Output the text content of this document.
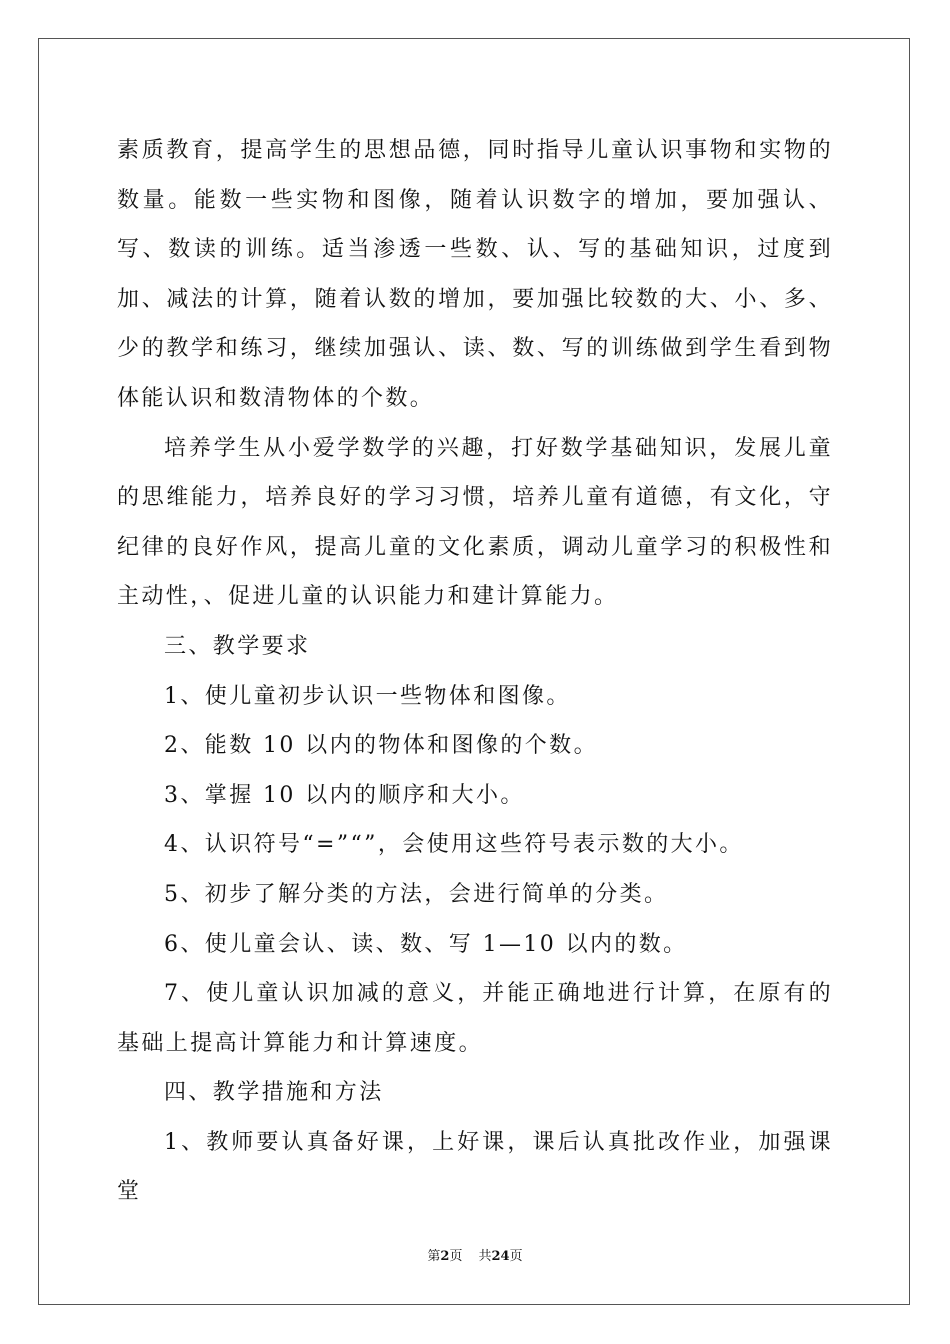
素质教育，提高学生的思想品德，同时指导儿童认识事物和实物的数量。能数一些实物和图像，随着认识数字的增加，要加强认、写、数读的训练。适当渗透一些数、认、写的基础知识，过度到加、减法的计算，随着认数的增加，要加强比较数的大、小、多、少的教学和练习，继续加强认、读、数、写的训练做到学生看到物体能认识和数清物体的个数。

培养学生从小爱学数学的兴趣，打好数学基础知识，发展儿童的思维能力，培养良好的学习习惯，培养儿童有道德，有文化，守纪律的良好作风，提高儿童的文化素质，调动儿童学习的积极性和主动性，、促进儿童的认识能力和建计算能力。

三、教学要求

1、使儿童初步认识一些物体和图像。

2、能数 10 以内的物体和图像的个数。

3、掌握 10 以内的顺序和大小。

4、认识符号“=”“”，会使用这些符号表示数的大小。

5、初步了解分类的方法，会进行简单的分类。

6、使儿童会认、读、数、写 1—10 以内的数。

7、使儿童认识加减的意义，并能正确地进行计算，在原有的基础上提高计算能力和计算速度。

四、教学措施和方法

1、教师要认真备好课，上好课，课后认真批改作业，加强课堂

第2页 共24页
